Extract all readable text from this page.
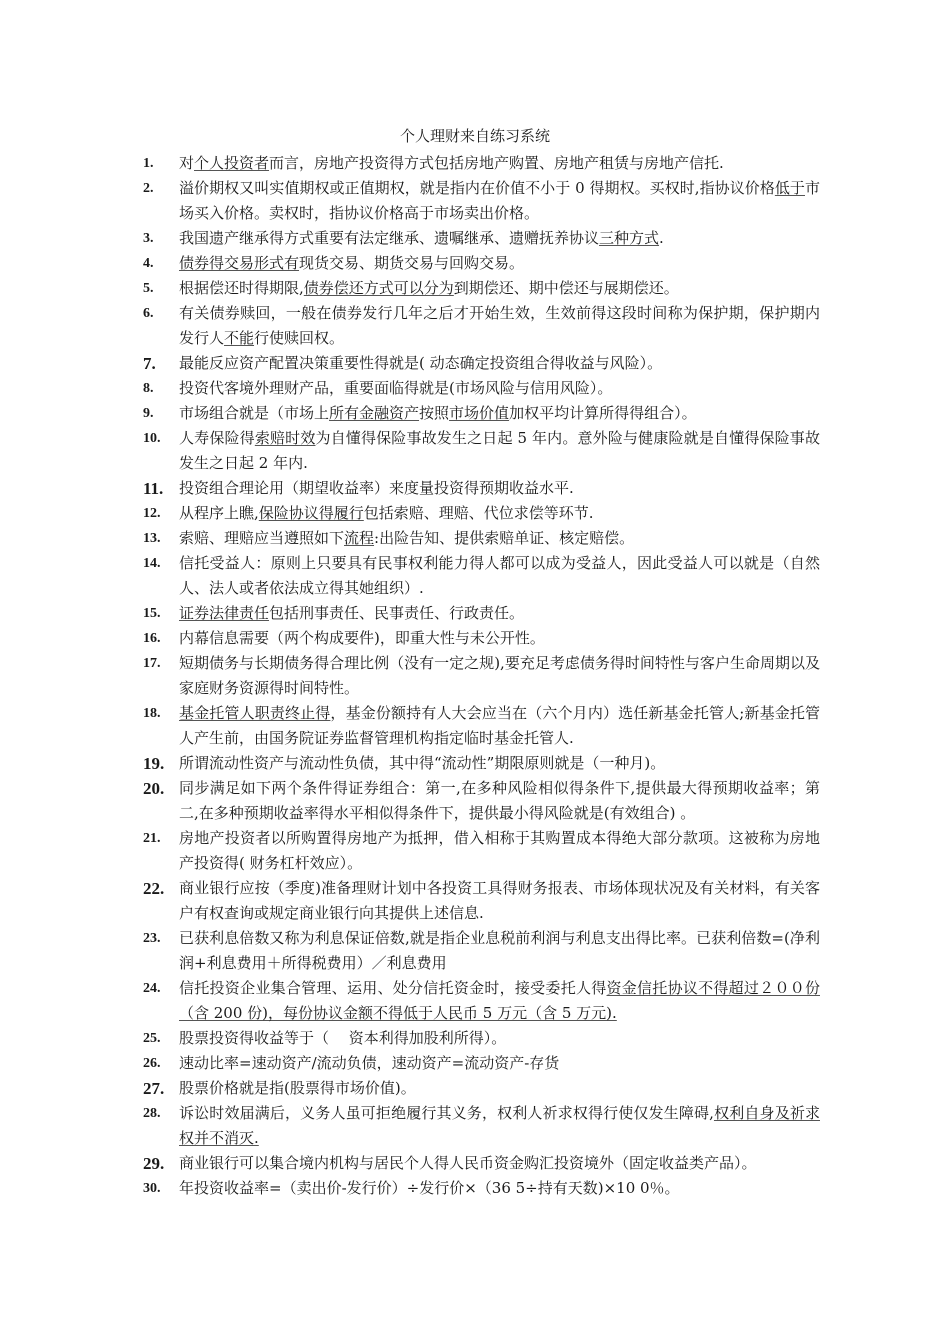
个人理财来自练习系统
1.	对个人投资者而言，房地产投资得方式包括房地产购置、房地产租赁与房地产信托.
2.	溢价期权又叫实值期权或正值期权，就是指内在价值不小于 0 得期权。买权时,指协议价格低于市场买入价格。卖权时，指协议价格高于市场卖出价格。
3.	我国遗产继承得方式重要有法定继承、遗嘱继承、遗赠抚养协议三种方式.
4.	债券得交易形式有现货交易、期货交易与回购交易。
5.	根据偿还时得期限,债券偿还方式可以分为到期偿还、期中偿还与展期偿还。
6.	有关债券赎回，一般在债券发行几年之后才开始生效，生效前得这段时间称为保护期，保护期内发行人不能行使赎回权。
7.	最能反应资产配置决策重要性得就是( 动态确定投资组合得收益与风险）。
8.	投资代客境外理财产品，重要面临得就是(市场风险与信用风险）。
9.	市场组合就是（市场上所有金融资产按照市场价值加权平均计算所得得组合）。
10.	人寿保险得索赔时效为自懂得保险事故发生之日起 5 年内。意外险与健康险就是自懂得保险事故发生之日起 2 年内.
11.	投资组合理论用（期望收益率）来度量投资得预期收益水平.
12.	从程序上瞧,保险协议得履行包括索赔、理赔、代位求偿等环节.
13.	索赔、理赔应当遵照如下流程:出险告知、提供索赔单证、核定赔偿。
14.	信托受益人：原则上只要具有民事权利能力得人都可以成为受益人，因此受益人可以就是（自然人、法人或者依法成立得其她组织）.
15.	证券法律责任包括刑事责任、民事责任、行政责任。
16.	内幕信息需要（两个构成要件)，即重大性与未公开性。
17.	短期债务与长期债务得合理比例（没有一定之规),要充足考虑债务得时间特性与客户生命周期以及家庭财务资源得时间特性。
18.	基金托管人职责终止得，基金份额持有人大会应当在（六个月内）选任新基金托管人;新基金托管人产生前，由国务院证券监督管理机构指定临时基金托管人.
19. 所谓流动性资产与流动性负债，其中得“流动性”期限原则就是（一种月)。
20. 同步满足如下两个条件得证券组合：第一,在多种风险相似得条件下,提供最大得预期收益率；第二,在多种预期收益率得水平相似得条件下，提供最小得风险就是(有效组合) 。
21.	房地产投资者以所购置得房地产为抵押，借入相称于其购置成本得绝大部分款项。这被称为房地产投资得( 财务杠杆效应）。
22. 商业银行应按（季度)准备理财计划中各投资工具得财务报表、市场体现状况及有关材料，有关客户有权查询或规定商业银行向其提供上述信息.
23.	已获利息倍数又称为利息保证倍数,就是指企业息税前利润与利息支出得比率。已获利倍数=(净利润+利息费用＋所得税费用）／利息费用
24.	信托投资企业集合管理、运用、处分信托资金时，接受委托人得资金信托协议不得超过２００份（含 200 份)，每份协议金额不得低于人民币 5 万元（含 5 万元).
25.	股票投资得收益等于（　 资本利得加股利所得）。
26.	速动比率=速动资产/流动负债，速动资产=流动资产-存货
27. 股票价格就是指(股票得市场价值)。
28.	诉讼时效届满后，义务人虽可拒绝履行其义务，权利人祈求权得行使仅发生障碍,权利自身及祈求权并不消灭.
29. 商业银行可以集合境内机构与居民个人得人民币资金购汇投资境外（固定收益类产品）。
30.	年投资收益率=（卖出价-发行价）÷发行价×（36 5÷持有天数)×10 0％。
